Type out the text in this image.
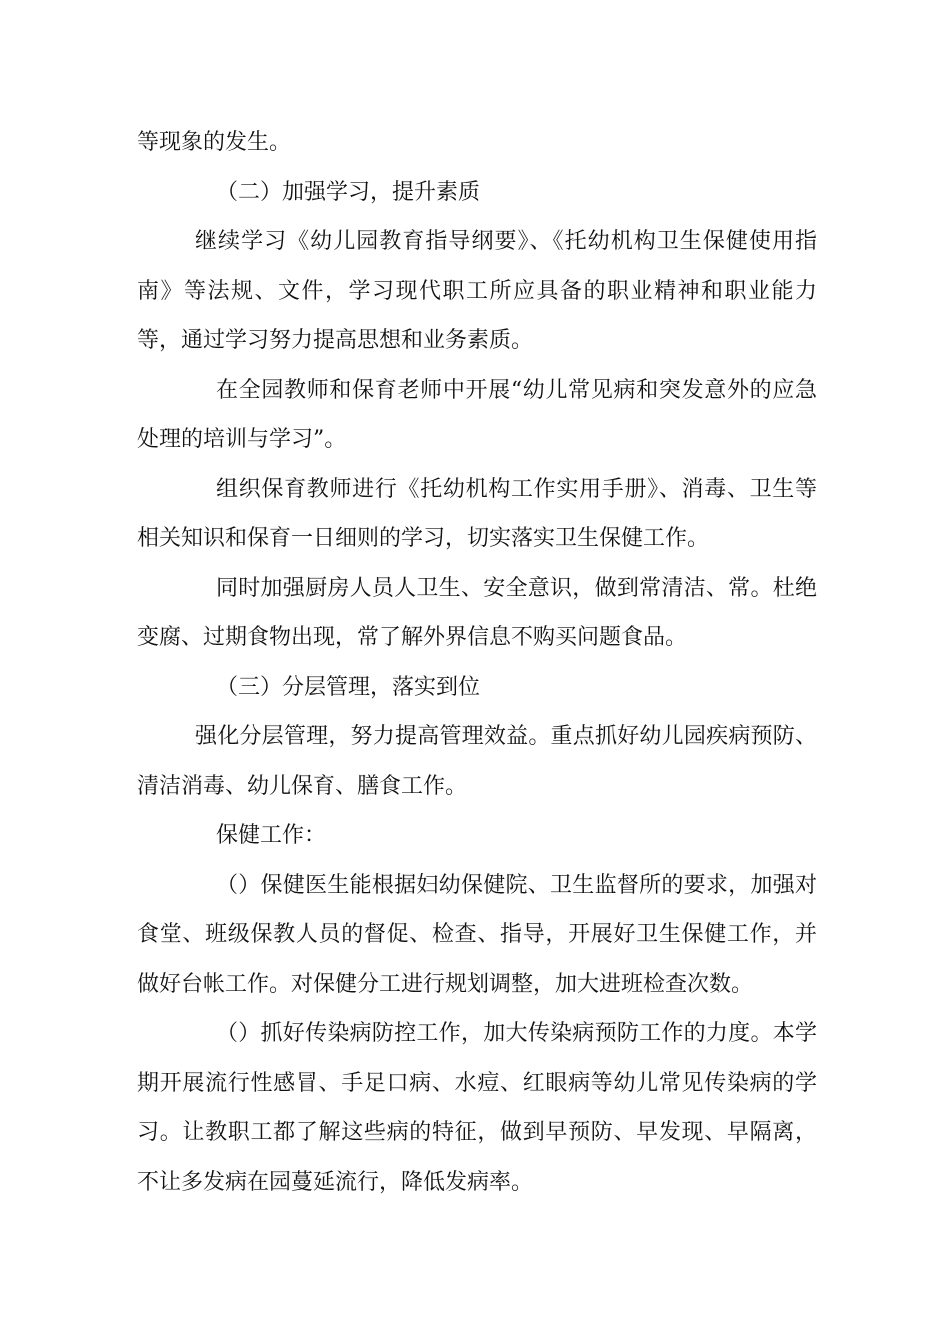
等现象的发生。

（二）加强学习，提升素质

继续学习《幼儿园教育指导纲要》、《托幼机构卫生保健使用指南》等法规、文件，学习现代职工所应具备的职业精神和职业能力等，通过学习努力提高思想和业务素质。

在全园教师和保育老师中开展“幼儿常见病和突发意外的应急处理的培训与学习”。

组织保育教师进行《托幼机构工作实用手册》、消毒、卫生等相关知识和保育一日细则的学习，切实落实卫生保健工作。

同时加强厨房人员人卫生、安全意识，做到常清洁、常。杜绝变腐、过期食物出现，常了解外界信息不购买问题食品。

（三）分层管理，落实到位

强化分层管理，努力提高管理效益。重点抓好幼儿园疾病预防、清洁消毒、幼儿保育、膳食工作。

保健工作：

（）保健医生能根据妇幼保健院、卫生监督所的要求，加强对食堂、班级保教人员的督促、检查、指导，开展好卫生保健工作，并做好台帐工作。对保健分工进行规划调整，加大进班检查次数。

（）抓好传染病防控工作，加大传染病预防工作的力度。本学期开展流行性感冒、手足口病、水痘、红眼病等幼儿常见传染病的学习。让教职工都了解这些病的特征，做到早预防、早发现、早隔离，不让多发病在园蔓延流行，降低发病率。
